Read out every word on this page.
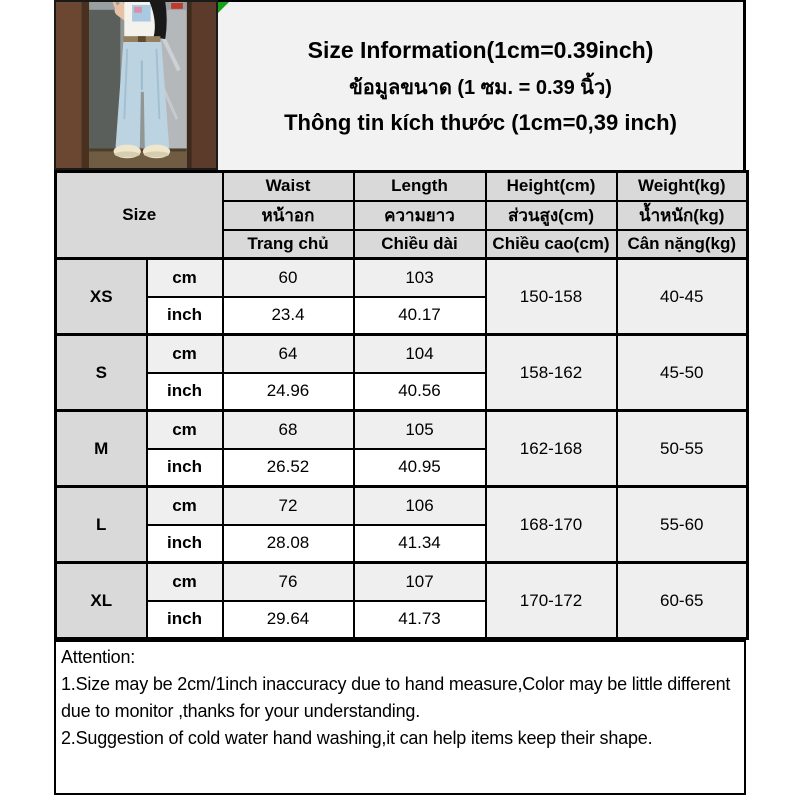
Size Information(1cm=0.39inch)
ข้อมูลขนาด (1 ซม. = 0.39 นิ้ว)
Thông tin kích thước (1cm=0,39 inch)
Size		Waist	Length	Height(cm)	Weight(kg)
		หน้าอก	ความยาว	ส่วนสูง(cm)	น้ำหนัก(kg)
		Trang chủ	Chiều dài	Chiều cao(cm)	Cân nặng(kg)
XS	cm	60	103	150-158	40-45
	inch	23.4	40.17		
S	cm	64	104	158-162	45-50
	inch	24.96	40.56		
M	cm	68	105	162-168	50-55
	inch	26.52	40.95		
L	cm	72	106	168-170	55-60
	inch	28.08	41.34		
XL	cm	76	107	170-172	60-65
	inch	29.64	41.73		
Attention:
1.Size may be 2cm/1inch inaccuracy due to hand measure,Color may be little different due to monitor ,thanks for your understanding.
2.Suggestion of cold water hand washing,it can help items keep their shape.
